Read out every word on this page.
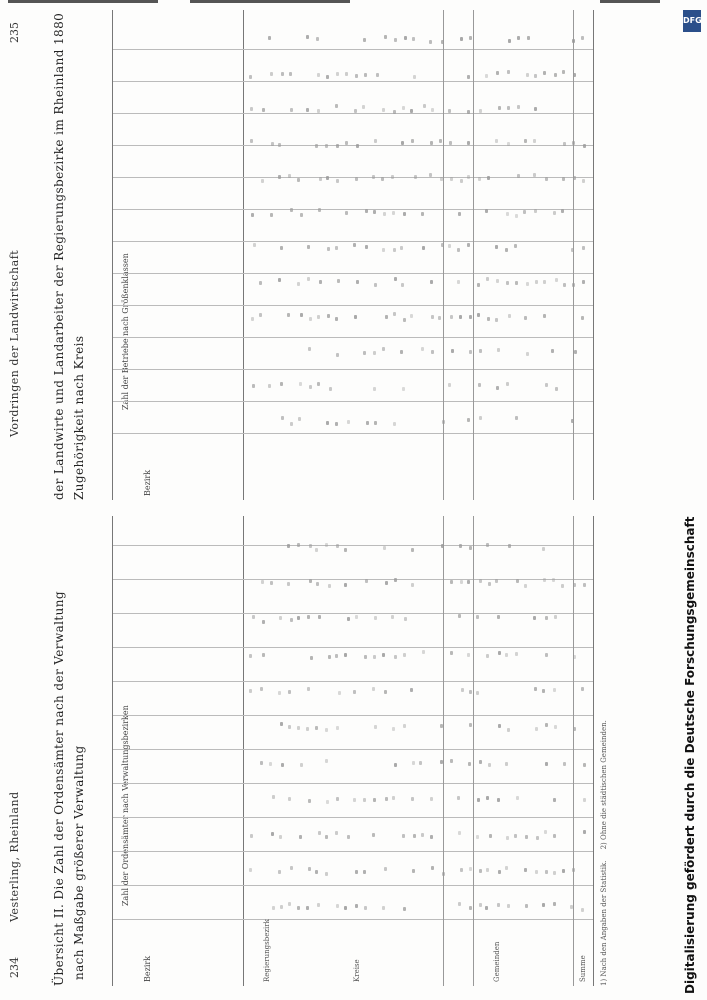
234
Vesterling, Rheinland
Vordringen der Landwirtschaft
235
Übersicht II. Die Zahl der Ordensämter nach der Verwaltung nach Maßgabe größerer Verwaltung
der Landwirte und Landarbeiter der Regierungsbezirke im Rheinland 1880 Zugehörigkeit nach Kreis
Zahl der Ordensämter nach Verwaltungsbezirken
Bezirk	Regierungsbezirk	Kreise	Gemeinden	Summe
Zahl der Betriebe nach Größenklassen
Bezirk
1) Nach den Angaben der Statistik.     2) Ohne die städtischen Gemeinden.
DFG
Digitalisierung gefördert durch die Deutsche Forschungsgemeinschaft
